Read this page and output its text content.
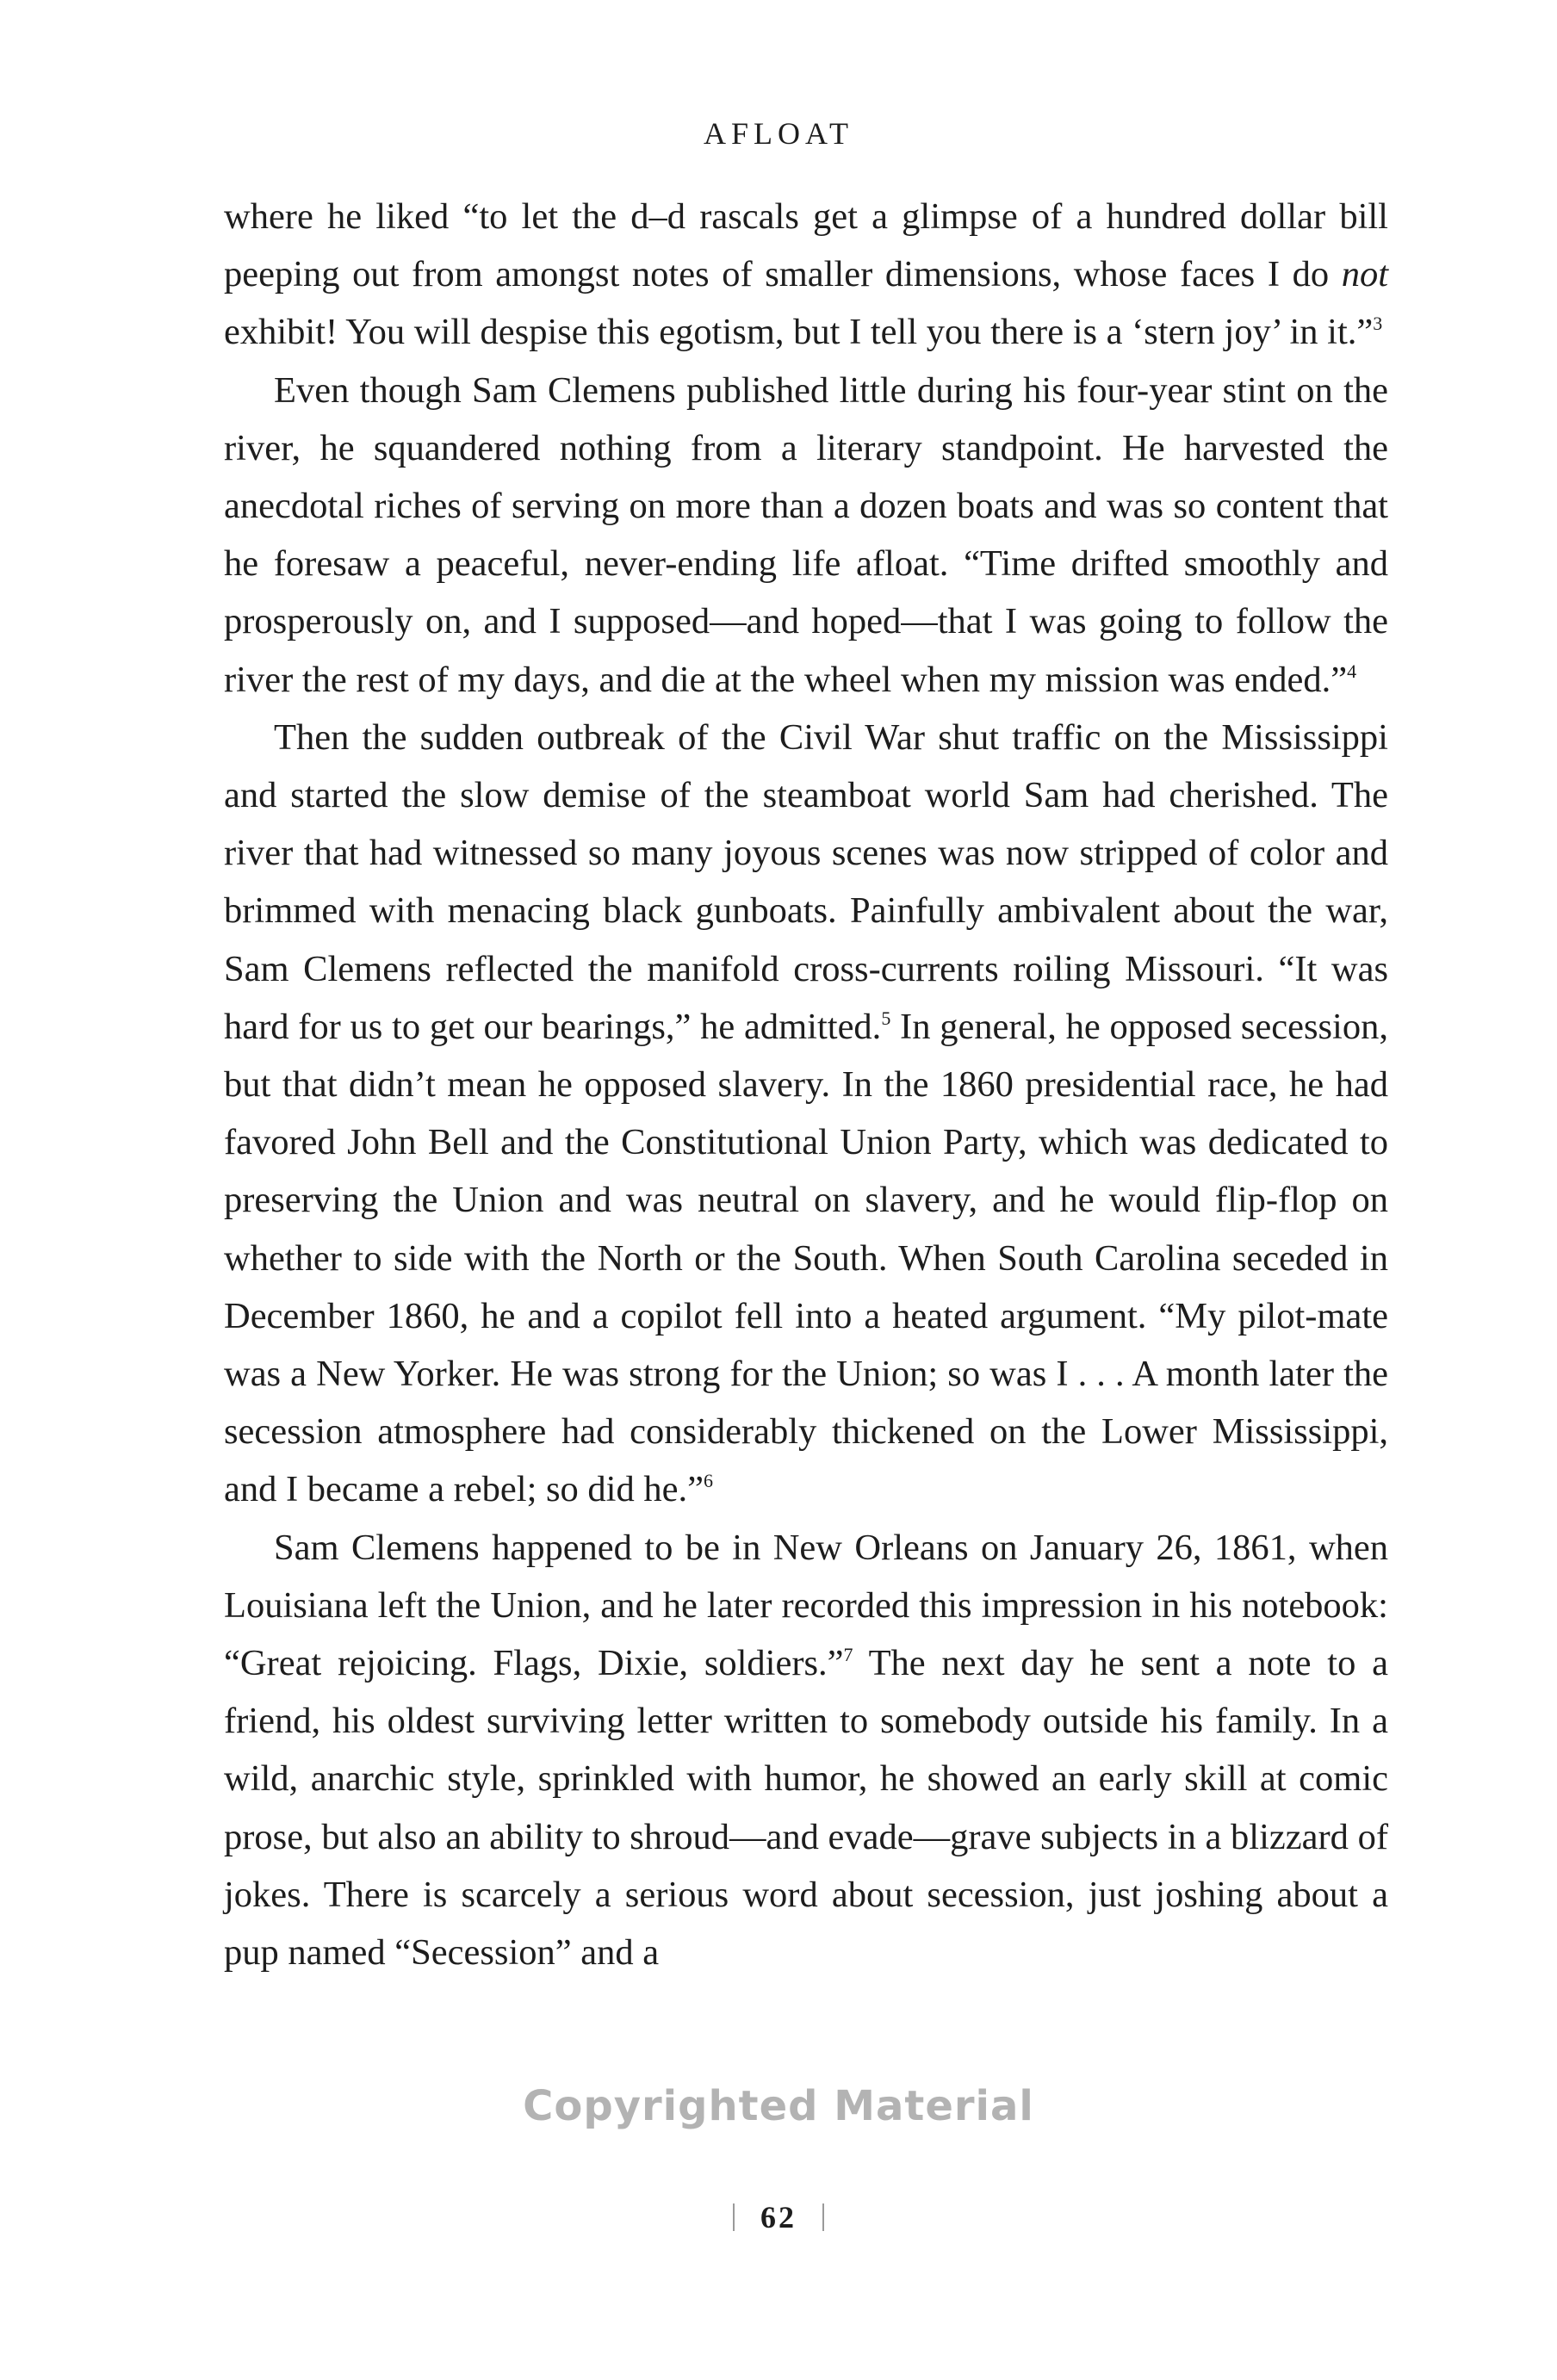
AFLOAT

where he liked “to let the d–d rascals get a glimpse of a hundred dollar bill peeping out from amongst notes of smaller dimensions, whose faces I do not exhibit! You will despise this egotism, but I tell you there is a ‘stern joy’ in it.”$^3$

Even though Sam Clemens published little during his four-year stint on the river, he squandered nothing from a literary standpoint. He harvested the anecdotal riches of serving on more than a dozen boats and was so content that he foresaw a peaceful, never-ending life afloat. “Time drifted smoothly and prosperously on, and I supposed—and hoped—that I was going to follow the river the rest of my days, and die at the wheel when my mission was ended.”$^4$

Then the sudden outbreak of the Civil War shut traffic on the Mississippi and started the slow demise of the steamboat world Sam had cherished. The river that had witnessed so many joyous scenes was now stripped of color and brimmed with menacing black gunboats. Painfully ambivalent about the war, Sam Clemens reflected the manifold cross-currents roiling Missouri. “It was hard for us to get our bearings,” he admitted.$^5$ In general, he opposed secession, but that didn’t mean he opposed slavery. In the 1860 presidential race, he had favored John Bell and the Constitutional Union Party, which was dedicated to preserving the Union and was neutral on slavery, and he would flip-flop on whether to side with the North or the South. When South Carolina seceded in December 1860, he and a copilot fell into a heated argument. “My pilot-mate was a New Yorker. He was strong for the Union; so was I . . . A month later the secession atmosphere had considerably thickened on the Lower Mississippi, and I became a rebel; so did he.”$^6$

Sam Clemens happened to be in New Orleans on January 26, 1861, when Louisiana left the Union, and he later recorded this impression in his notebook: “Great rejoicing. Flags, Dixie, soldiers.”$^7$ The next day he sent a note to a friend, his oldest surviving letter written to somebody outside his family. In a wild, anarchic style, sprinkled with humor, he showed an early skill at comic prose, but also an ability to shroud—and evade—grave subjects in a blizzard of jokes. There is scarcely a serious word about secession, just joshing about a pup named “Secession” and a

Copyrighted Material
62
